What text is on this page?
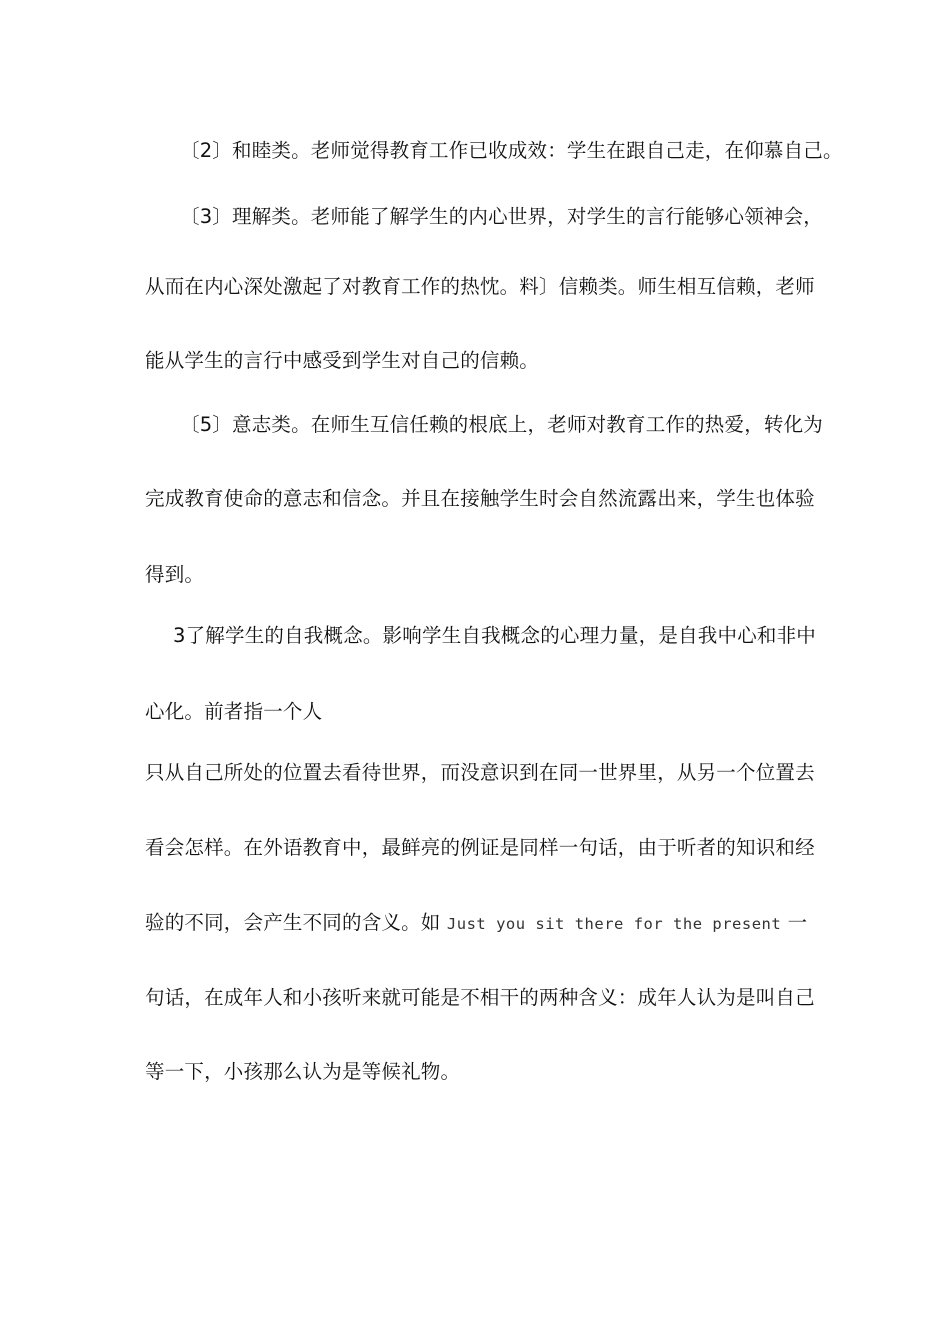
〔2〕和睦类。老师觉得教育工作已收成效：学生在跟自己走，在仰慕自己。
〔3〕理解类。老师能了解学生的内心世界，对学生的言行能够心领神会，
从而在内心深处激起了对教育工作的热忱。料〕信赖类。师生相互信赖，老师
能从学生的言行中感受到学生对自己的信赖。
〔5〕意志类。在师生互信任赖的根底上，老师对教育工作的热爱，转化为
完成教育使命的意志和信念。并且在接触学生时会自然流露出来，学生也体验
得到。
3了解学生的自我概念。影响学生自我概念的心理力量，是自我中心和非中
心化。前者指一个人
只从自己所处的位置去看待世界，而没意识到在同一世界里，从另一个位置去
看会怎样。在外语教育中，最鲜亮的例证是同样一句话，由于听者的知识和经
验的不同，会产生不同的含义。如 Just you sit there for the present 一
句话，在成年人和小孩听来就可能是不相干的两种含义：成年人认为是叫自己
等一下，小孩那么认为是等候礼物。
